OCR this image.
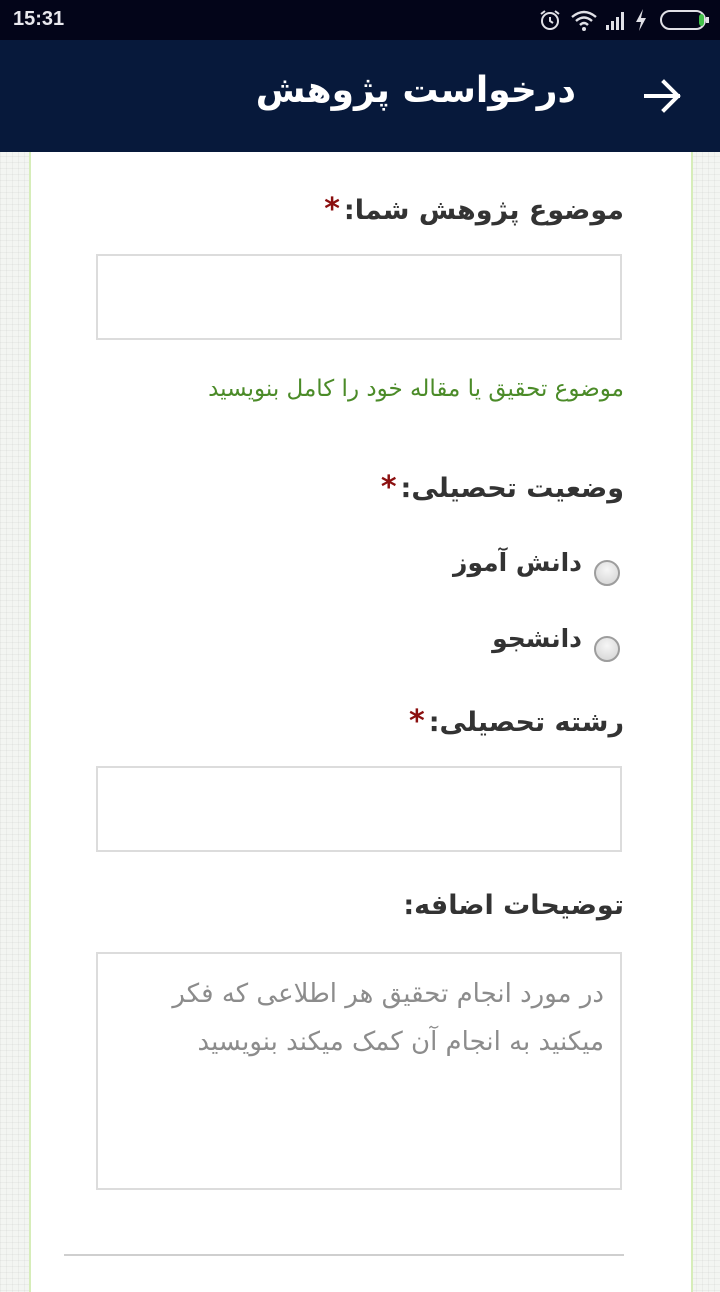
15:31
درخواست پژوهش
موضوع پژوهش شما:*
موضوع تحقیق یا مقاله خود را کامل بنویسید
وضعیت تحصیلی:*
دانش آموز
دانشجو
رشته تحصیلی:*
توضیحات اضافه:
در مورد انجام تحقیق هر اطلاعی که فکر میکنید به انجام آن کمک میکند بنویسید
